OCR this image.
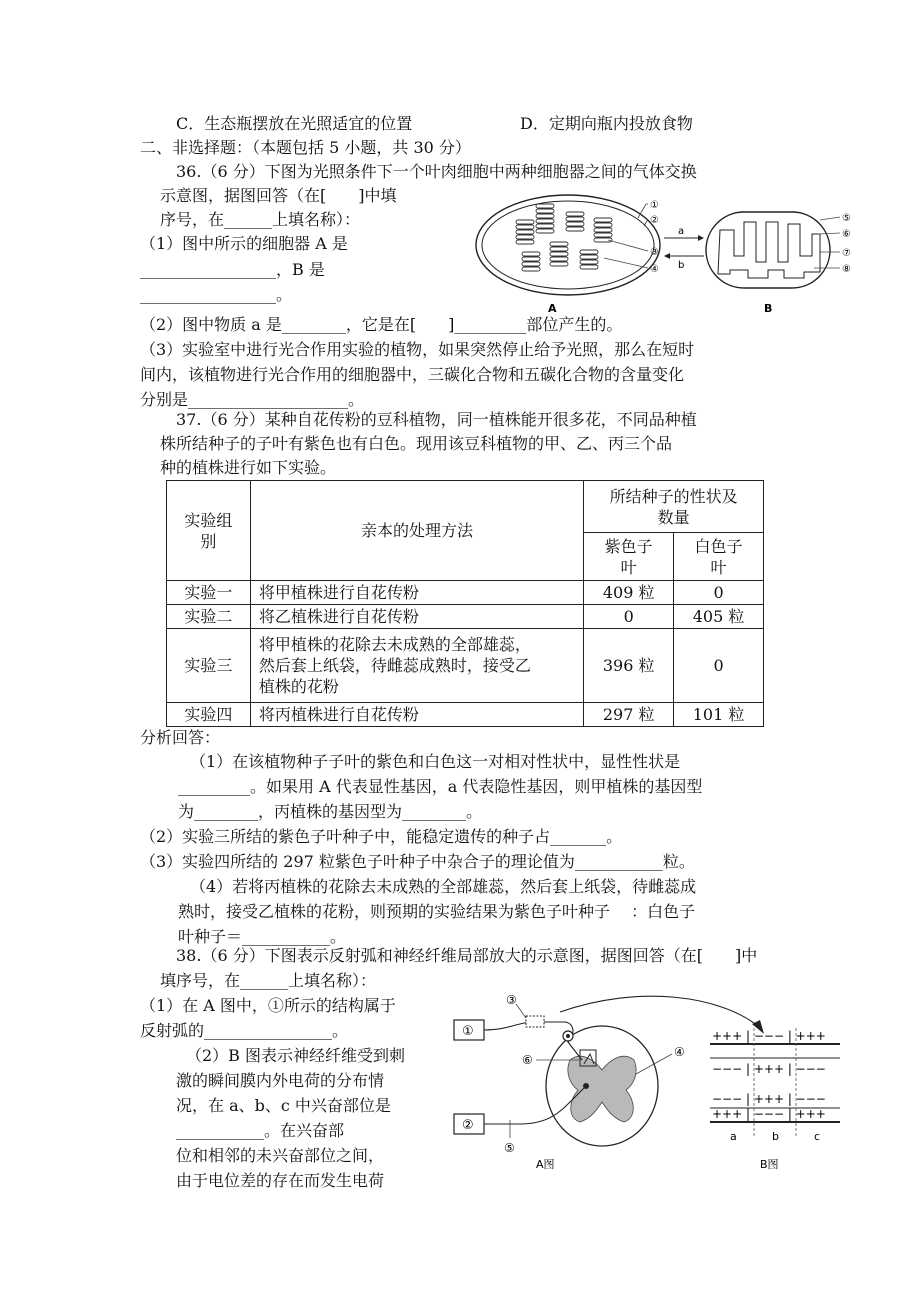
C．生态瓶摆放在光照适宜的位置	D．定期向瓶内投放食物
二、非选择题：（本题包括 5 小题，共 30 分）
36.（6 分）下图为光照条件下一个叶肉细胞中两种细胞器之间的气体交换
示意图，据图回答（在[　　]中填
序号，在______上填名称）：
（1）图中所示的细胞器 A 是
_________________，B 是
_________________。
（2）图中物质 a 是________，它是在[　　]_________部位产生的。
（3）实验室中进行光合作用实验的植物，如果突然停止给予光照，那么在短时
间内，该植物进行光合作用的细胞器中，三碳化合物和五碳化合物的含量变化
分别是____________________。
①
②
③
④
a
b
⑤
⑥
⑦
⑧
A	B
37.（6 分）某种自花传粉的豆科植物，同一植株能开很多花，不同品种植
株所结种子的子叶有紫色也有白色。现用该豆科植物的甲、乙、丙三个品
种的植株进行如下实验。
实验组
别	亲本的处理方法	所结种子的性状及
数量	
		紫色子
叶	白色子
叶
实验一	将甲植株进行自花传粉	409 粒	0
实验二	将乙植株进行自花传粉	0	405 粒
实验三	将甲植株的花除去未成熟的全部雄蕊，
然后套上纸袋，待雌蕊成熟时，接受乙
植株的花粉	396 粒	0
实验四	将丙植株进行自花传粉	297 粒	101 粒
分析回答：
（1）在该植物种子子叶的紫色和白色这一对相对性状中，显性性状是
_________。如果用 A 代表显性基因，a 代表隐性基因，则甲植株的基因型
为________，丙植株的基因型为________。
（2）实验三所结的紫色子叶种子中，能稳定遗传的种子占_______。
（3）实验四所结的 297 粒紫色子叶种子中杂合子的理论值为___________粒。
（4）若将丙植株的花除去未成熟的全部雄蕊，然后套上纸袋，待雌蕊成
熟时，接受乙植株的花粉，则预期的实验结果为紫色子叶种子　 ：白色子
叶种子＝___________。
38.（6 分）下图表示反射弧和神经纤维局部放大的示意图，据图回答（在[　　]中
填序号，在______上填名称）：
（1）在 A 图中，①所示的结构属于
反射弧的________________。
（2）B 图表示神经纤维受到刺
激的瞬间膜内外电荷的分布情
况，在 a、b、c 中兴奋部位是
___________。在兴奋部
位和相邻的未兴奋部位之间，
由于电位差的存在而发生电荷
①
②
③
④
⑤
⑥
+++ | −−− | +++
−−− | +++ | −−−
−−− | +++ | −−−
+++ | −−− | +++
a	b	c
A图	B图
